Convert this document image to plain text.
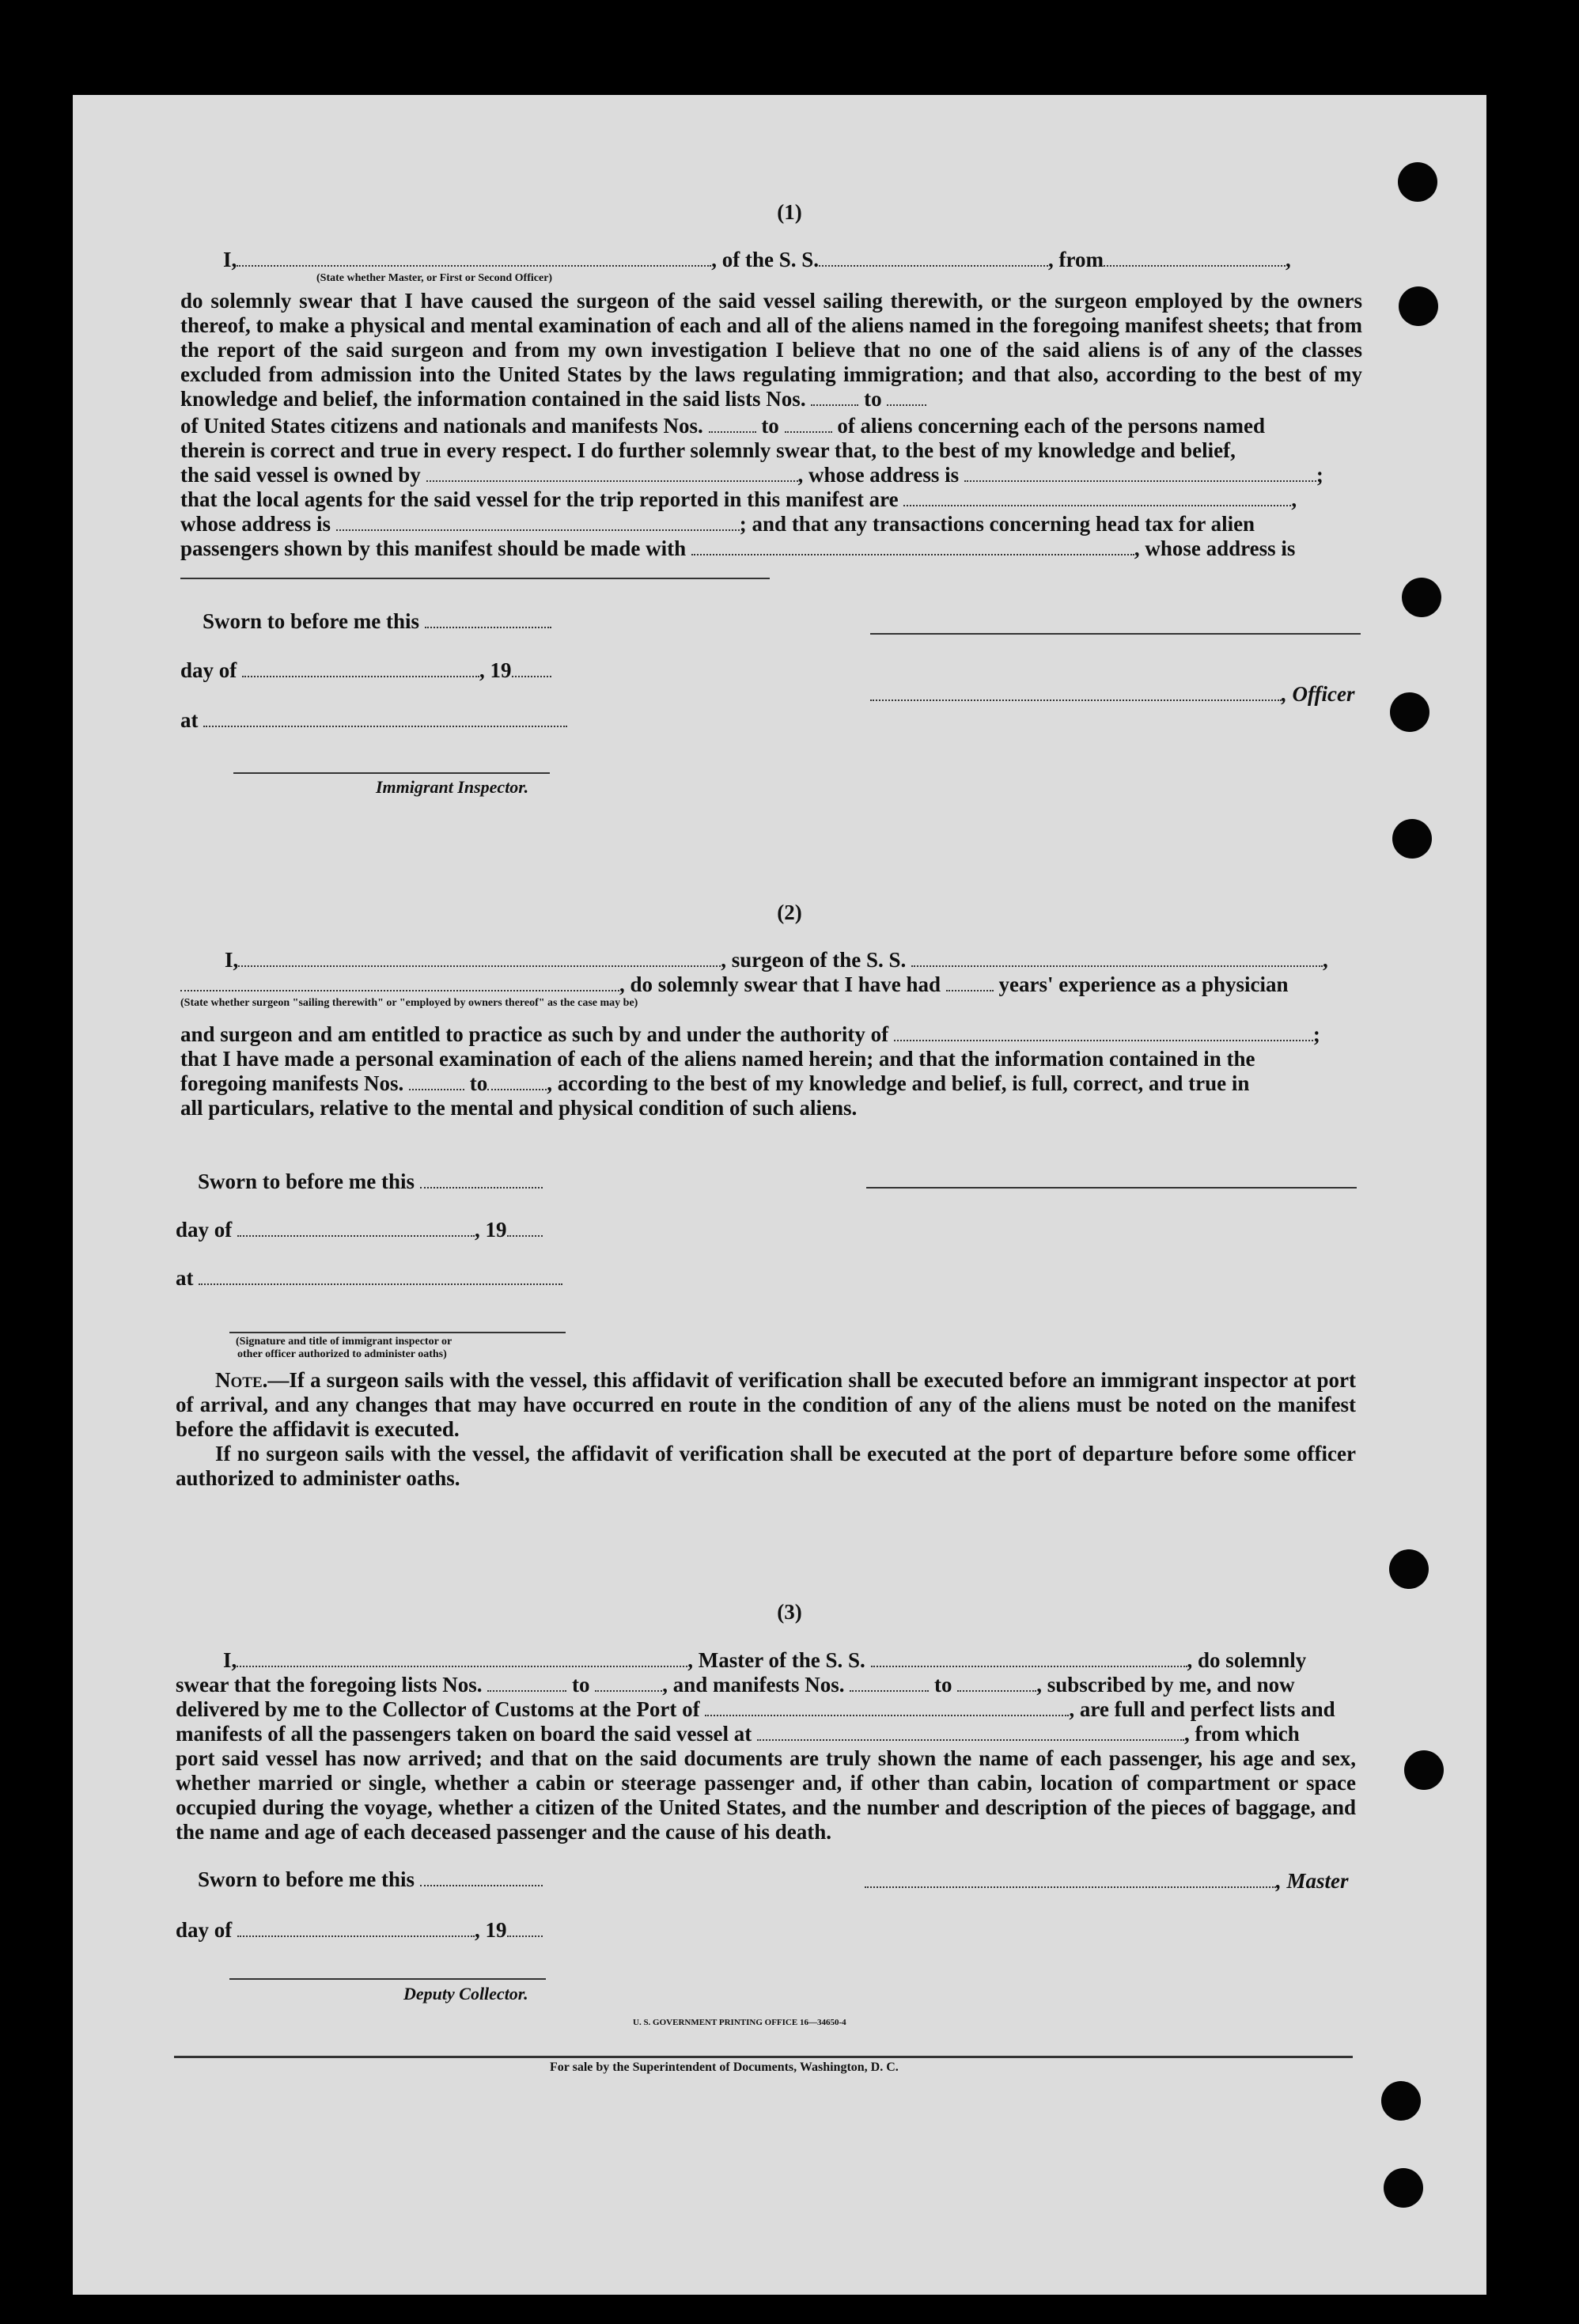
(1)
I,	, of the S. S.	, from	,
(State whether Master, or First or Second Officer)
do solemnly swear that I have caused the surgeon of the said vessel sailing therewith, or the surgeon employed by the owners thereof, to make a physical and mental examination of each and all of the aliens named in the foregoing manifest sheets; that from the report of the said surgeon and from my own investigation I believe that no one of the said aliens is of any of the classes excluded from admission into the United States by the laws regulating immigration; and that also, according to the best of my knowledge and belief, the information contained in the said lists Nos.	to
of United States citizens and nationals and manifests Nos.	to	of aliens concerning each of the persons named
therein is correct and true in every respect. I do further solemnly swear that, to the best of my knowledge and belief,
the said vessel is owned by	, whose address is	;
that the local agents for the said vessel for the trip reported in this manifest are	,
whose address is	; and that any transactions concerning head tax for alien
passengers shown by this manifest should be made with	, whose address is
Sworn to before me this
day of	, 19
, Officer
at
Immigrant Inspector.
(2)
I,	, surgeon of the S. S.	,
, do solemnly swear that I have had	years' experience as a physician
(State whether surgeon "sailing therewith" or "employed by owners thereof" as the case may be)
and surgeon and am entitled to practice as such by and under the authority of	;
that I have made a personal examination of each of the aliens named herein; and that the information contained in the
foregoing manifests Nos.	to	, according to the best of my knowledge and belief, is full, correct, and true in
all particulars, relative to the mental and physical condition of such aliens.
Sworn to before me this
day of	, 19
at
(Signature and title of immigrant inspector or
other officer authorized to administer oaths)
Note.—If a surgeon sails with the vessel, this affidavit of verification shall be executed before an immigrant inspector at port of arrival, and any changes that may have occurred en route in the condition of any of the aliens must be noted on the manifest before the affidavit is executed.
If no surgeon sails with the vessel, the affidavit of verification shall be executed at the port of departure before some officer authorized to administer oaths.
(3)
I,	, Master of the S. S.	, do solemnly
swear that the foregoing lists Nos.	to	, and manifests Nos.	to	, subscribed by me, and now
delivered by me to the Collector of Customs at the Port of	, are full and perfect lists and
manifests of all the passengers taken on board the said vessel at	, from which
port said vessel has now arrived; and that on the said documents are truly shown the name of each passenger, his age and sex, whether married or single, whether a cabin or steerage passenger and, if other than cabin, location of compartment or space occupied during the voyage, whether a citizen of the United States, and the number and description of the pieces of baggage, and the name and age of each deceased passenger and the cause of his death.
Sworn to before me this	, Master
day of	, 19
Deputy Collector.
U. S. GOVERNMENT PRINTING OFFICE 16—34650-4
For sale by the Superintendent of Documents, Washington, D. C.
